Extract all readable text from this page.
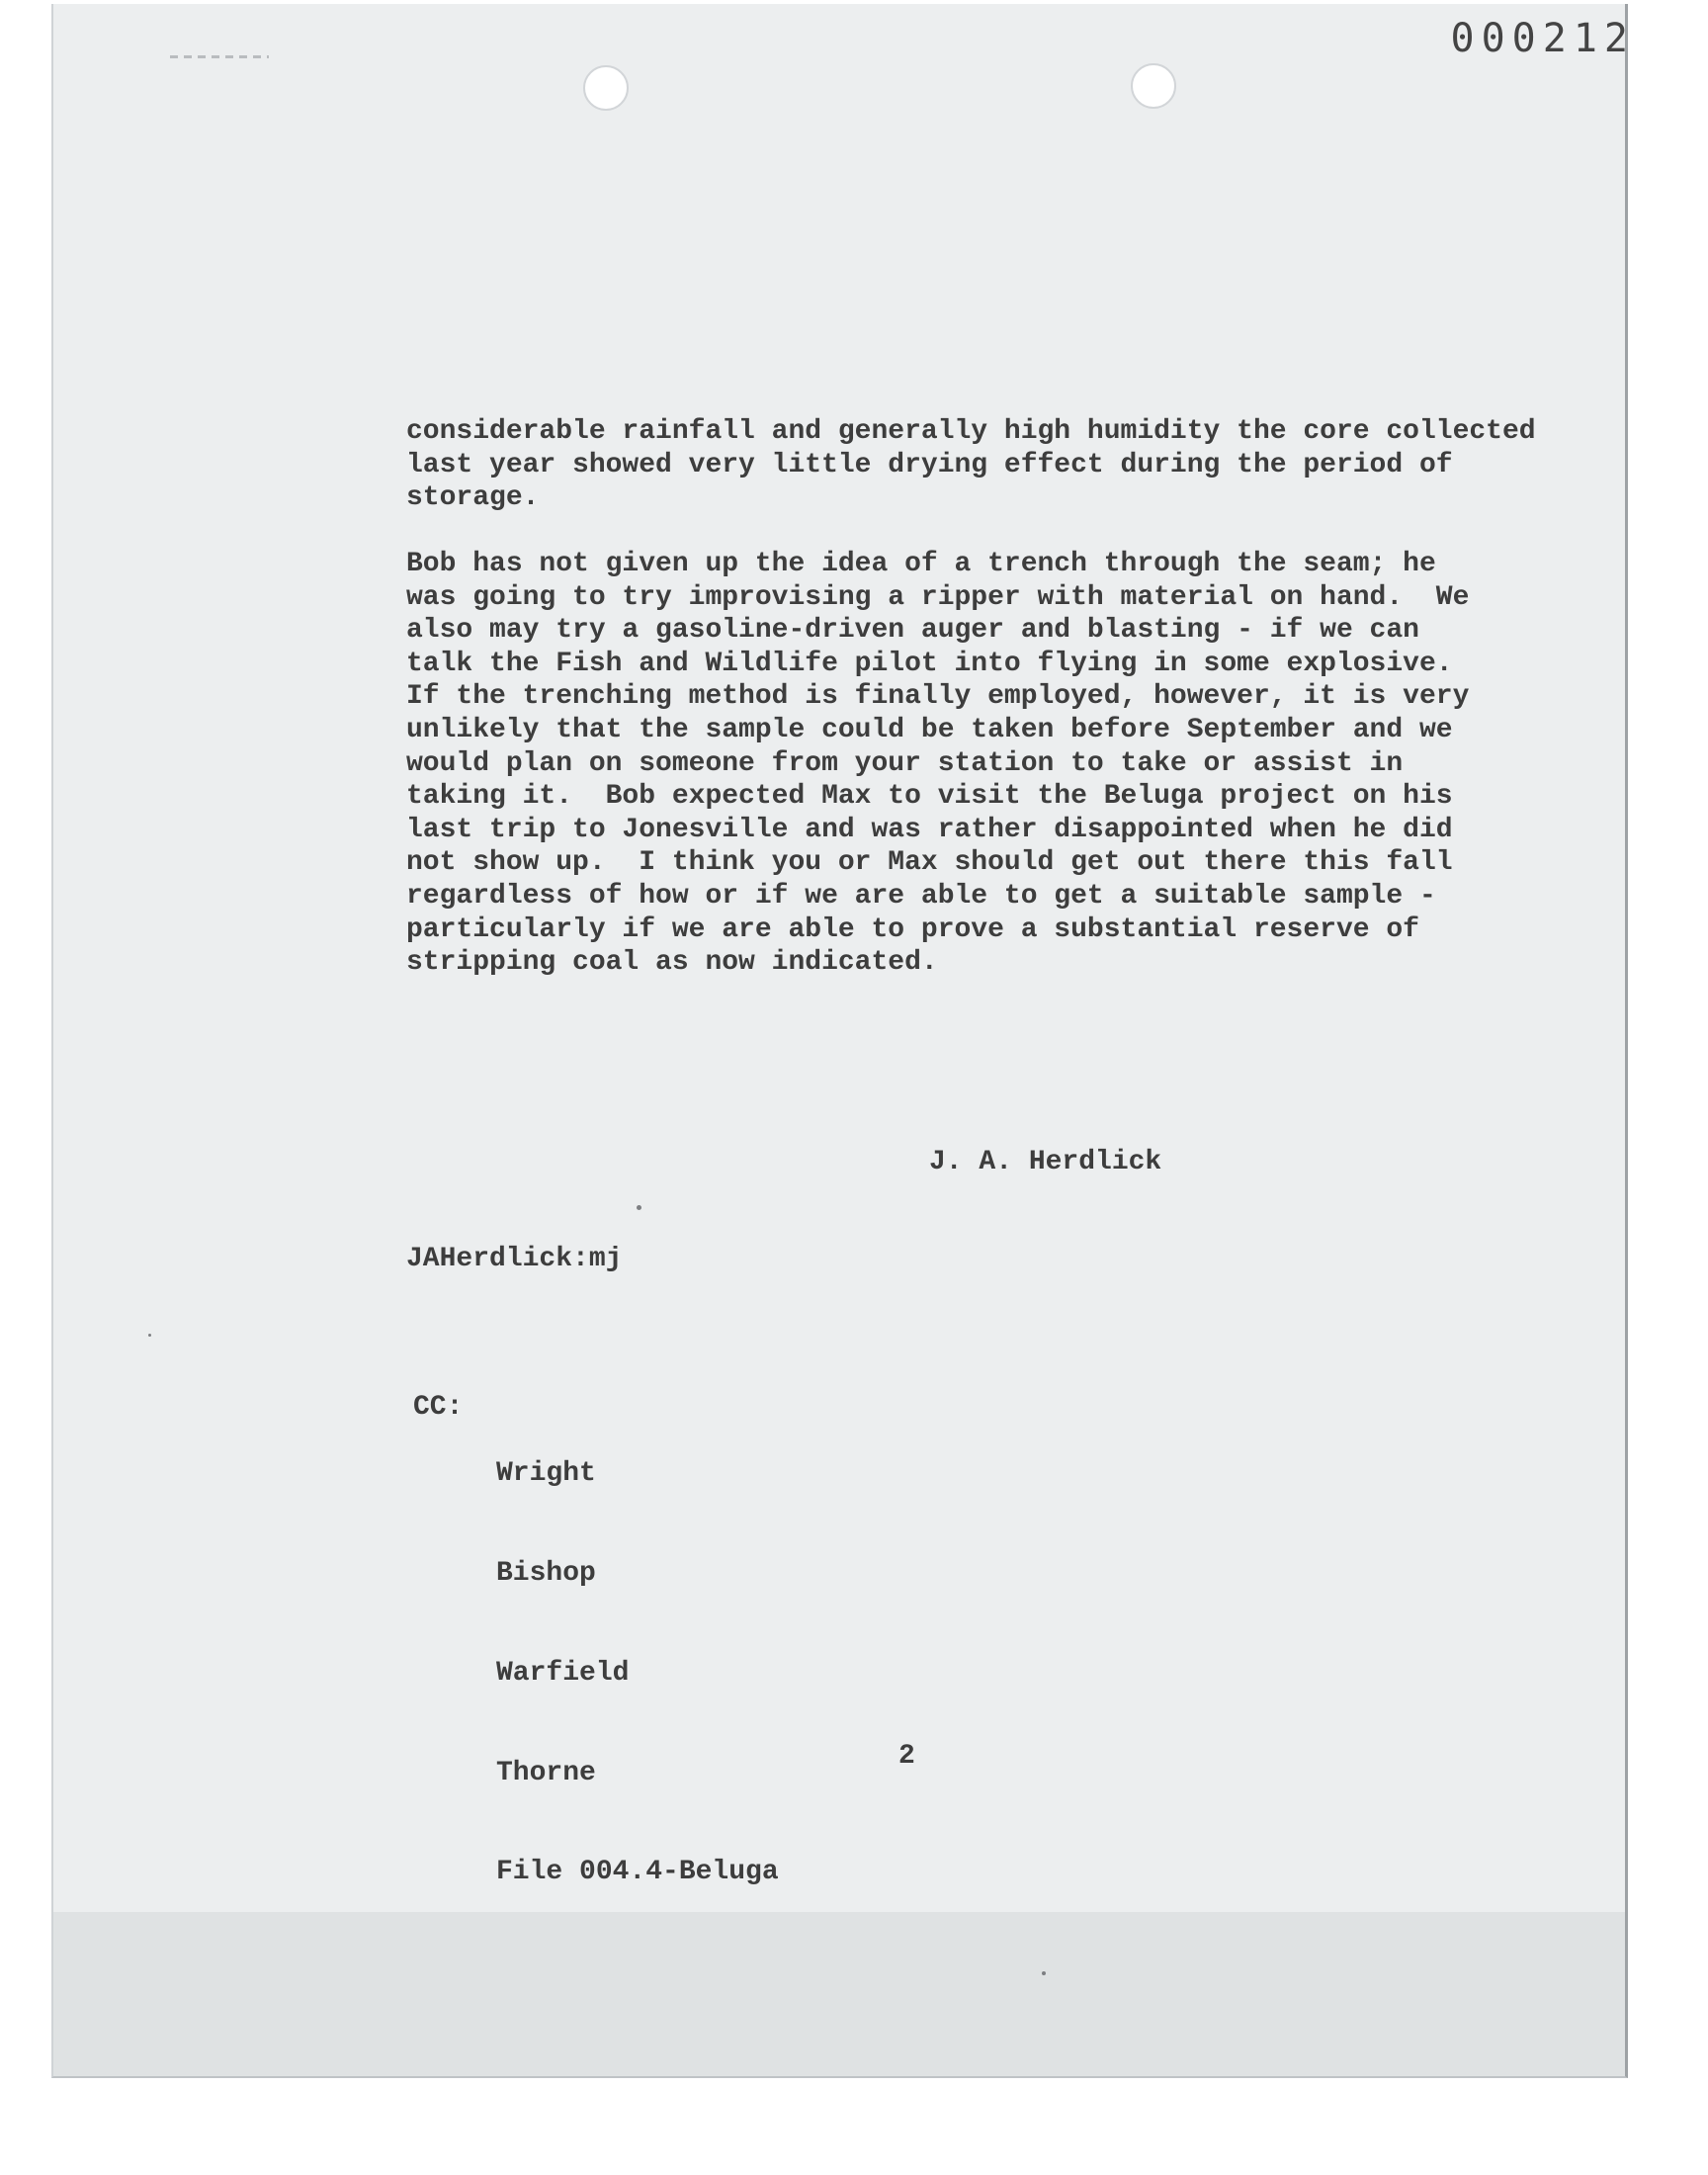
000212
considerable rainfall and generally high humidity the core collected
last year showed very little drying effect during the period of
storage.
Bob has not given up the idea of a trench through the seam; he
was going to try improvising a ripper with material on hand.  We
also may try a gasoline-driven auger and blasting - if we can
talk the Fish and Wildlife pilot into flying in some explosive.
If the trenching method is finally employed, however, it is very
unlikely that the sample could be taken before September and we
would plan on someone from your station to take or assist in
taking it.  Bob expected Max to visit the Beluga project on his
last trip to Jonesville and was rather disappointed when he did
not show up.  I think you or Max should get out there this fall
regardless of how or if we are able to get a suitable sample -
particularly if we are able to prove a substantial reserve of
stripping coal as now indicated.
J. A. Herdlick
JAHerdlick:mj
CC:

Wright

Bishop

Warfield

Thorne

File 004.4-Beluga

2
